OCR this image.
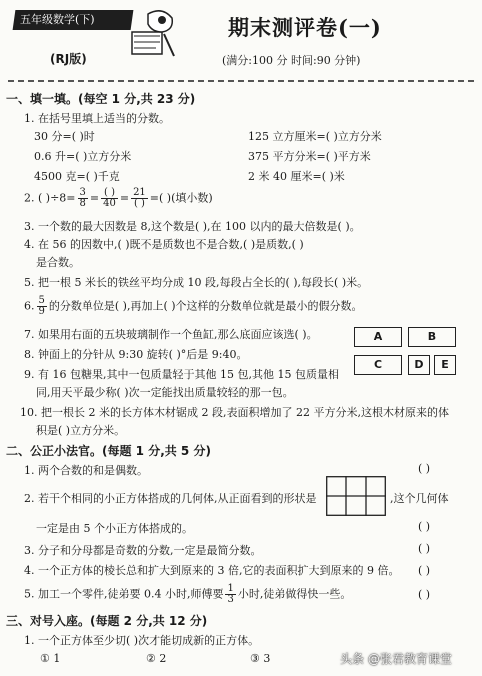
五年级数学(下)
(RJ版)
期末测评卷(一)
(满分:100 分 时间:90 分钟)
一、填一填。(每空 1 分,共 23 分)
1. 在括号里填上适当的分数。
30 分=( )时	125 立方厘米=( )立方分米
0.6 升=( )立方分米	375 平方分米=( )平方米
4500 克=( )千克	2 米 40 厘米=( )米
2. ( )$\div 8= \frac{3}{8} = \frac{( )}{40} = \frac{21}{( )}$ =( )(填小数)
3. 一个数的最大因数是 8,这个数是( ),在 100 以内的最大倍数是( )。
4. 在 56 的因数中,( )既不是质数也不是合数,( )是质数,( )
是合数。
5. 把一根 5 米长的铁丝平均分成 10 段,每段占全长的( ),每段长( )米。
6. $\frac{5}{9}$ 的分数单位是( ),再加上( )个这样的分数单位就是最小的假分数。
7. 如果用右面的五块玻璃制作一个鱼缸,那么底面应该选( )。	A	B
8. 钟面上的分针从 9:30 旋转( )°后是 9:40。
C	D	E
9. 有 16 包糖果,其中一包质量轻于其他 15 包,其他 15 包质量相
同,用天平最少称( )次一定能找出质量较轻的那一包。
10. 把一根长 2 米的长方体木材锯成 2 段,表面积增加了 22 平方分米,这根木材原来的体
积是( )立方分米。
二、公正小法官。(每题 1 分,共 5 分)
1. 两个合数的和是偶数。	( )
2. 若干个相同的小正方体搭成的几何体,从正面看到的形状是	,这个几何体
一定是由 5 个小正方体搭成的。	( )
3. 分子和分母都是奇数的分数,一定是最简分数。	( )
4. 一个正方体的棱长总和扩大到原来的 3 倍,它的表面积扩大到原来的 9 倍。 ( )
5. 加工一个零件,徒弟要 0.4 小时,师傅要 $\frac{1}{3}$ 小时,徒弟做得快一些。	( )
三、对号入座。(每题 2 分,共 12 分)
1. 一个正方体至少切( )次才能切成新的正方体。
① 1	② 2	③ 3	头条 @张君教育课堂
